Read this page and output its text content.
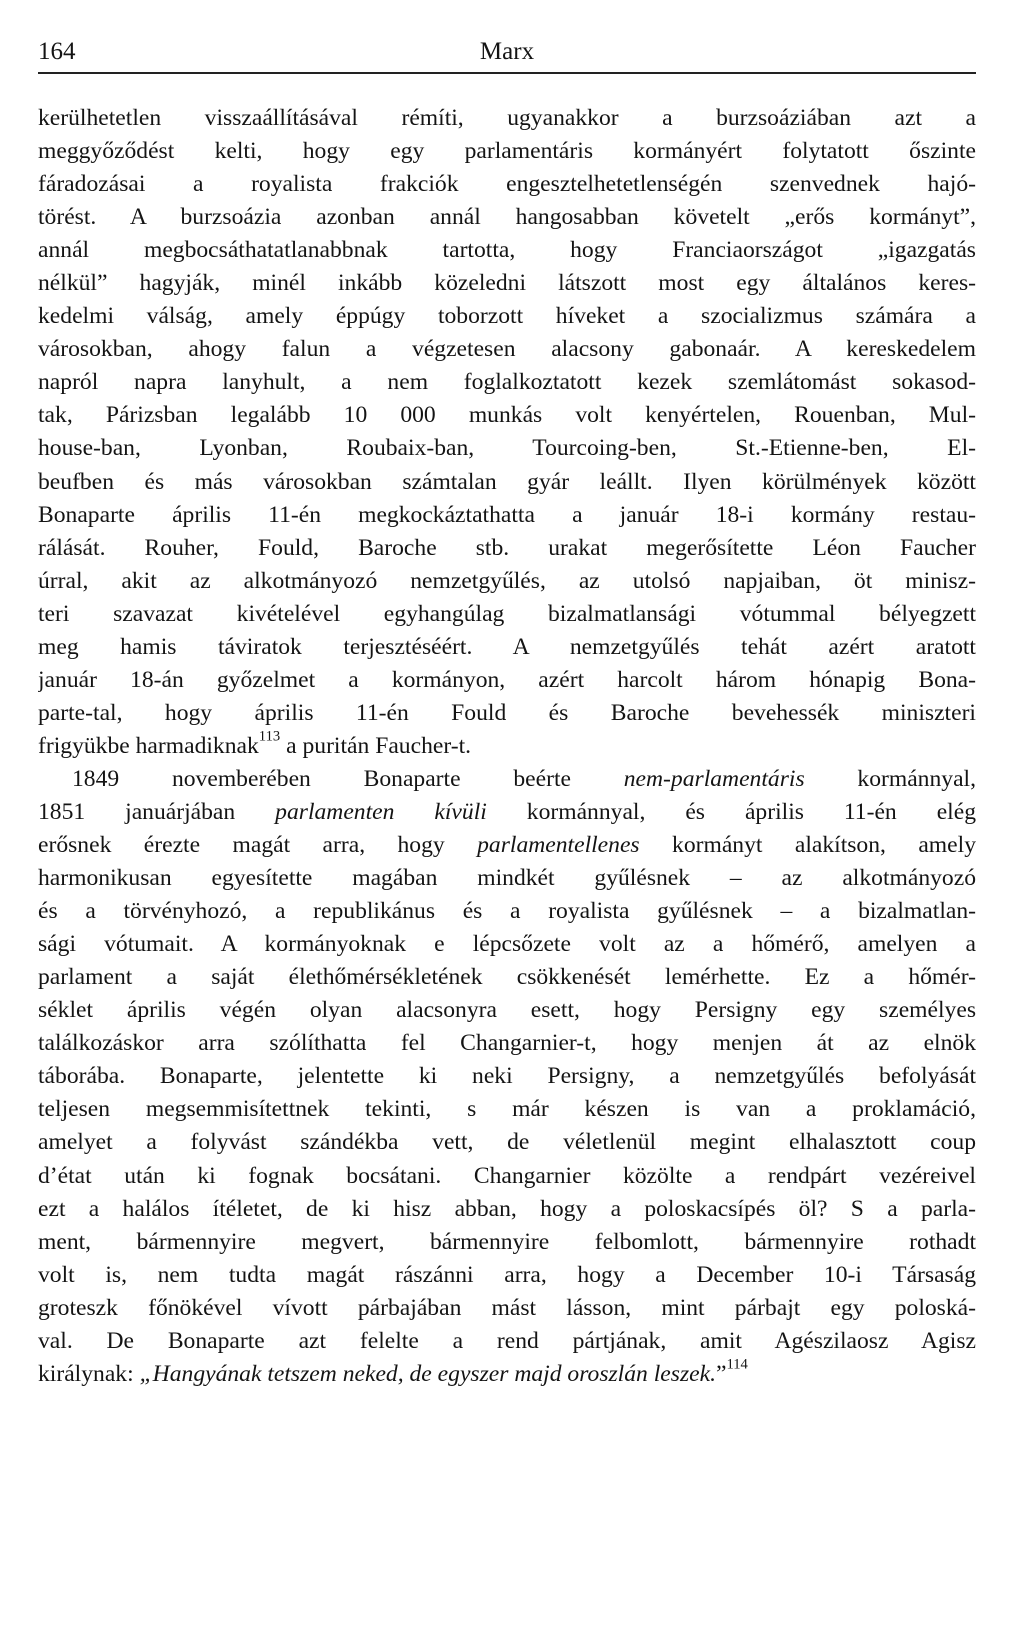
164	Marx
kerülhetetlen visszaállításával rémíti, ugyanakkor a burzsoáziában azt a
meggyőződést kelti, hogy egy parlamentáris kormányért folytatott őszinte
fáradozásai a royalista frakciók engesztelhetetlenségén szenvednek hajó-
törést. A burzsoázia azonban annál hangosabban követelt „erős kormányt”,
annál megbocsáthatatlanabbnak tartotta, hogy Franciaországot „igazgatás
nélkül” hagyják, minél inkább közeledni látszott most egy általános keres-
kedelmi válság, amely éppúgy toborzott híveket a szocializmus számára a
városokban, ahogy falun a végzetesen alacsony gabonaár. A kereskedelem
napról napra lanyhult, a nem foglalkoztatott kezek szemlátomást sokasod-
tak, Párizsban legalább 10 000 munkás volt kenyértelen, Rouenban, Mul-
house-ban, Lyonban, Roubaix-ban, Tourcoing-ben, St.-Etienne-ben, El-
beufben és más városokban számtalan gyár leállt. Ilyen körülmények között
Bonaparte április 11-én megkockáztathatta a január 18-i kormány restau-
rálását. Rouher, Fould, Baroche stb. urakat megerősítette Léon Faucher
úrral, akit az alkotmányozó nemzetgyűlés, az utolsó napjaiban, öt minisz-
teri szavazat kivételével egyhangúlag bizalmatlansági vótummal bélyegzett
meg hamis táviratok terjesztéséért. A nemzetgyűlés tehát azért aratott
január 18-án győzelmet a kormányon, azért harcolt három hónapig Bona-
parte-tal, hogy április 11-én Fould és Baroche bevehessék miniszteri
frigyükbe harmadiknak$^{113}$ a puritán Faucher-t.
1849 novemberében Bonaparte beérte nem-parlamentáris kormánnyal,
1851 januárjában parlamenten kívüli kormánnyal, és április 11-én elég
erősnek érezte magát arra, hogy parlamentellenes kormányt alakítson, amely
harmonikusan egyesítette magában mindkét gyűlésnek – az alkotmányozó
és a törvényhozó, a republikánus és a royalista gyűlésnek – a bizalmatlan-
sági vótumait. A kormányoknak e lépcsőzete volt az a hőmérő, amelyen a
parlament a saját élethőmérsékletének csökkenését lemérhette. Ez a hőmér-
séklet április végén olyan alacsonyra esett, hogy Persigny egy személyes
találkozáskor arra szólíthatta fel Changarnier-t, hogy menjen át az elnök
táborába. Bonaparte, jelentette ki neki Persigny, a nemzetgyűlés befolyását
teljesen megsemmisítettnek tekinti, s már készen is van a proklamáció,
amelyet a folyvást szándékba vett, de véletlenül megint elhalasztott coup
d’état után ki fognak bocsátani. Changarnier közölte a rendpárt vezéreivel
ezt a halálos ítéletet, de ki hisz abban, hogy a poloskacsípés öl? S a parla-
ment, bármennyire megvert, bármennyire felbomlott, bármennyire rothadt
volt is, nem tudta magát rászánni arra, hogy a December 10-i Társaság
groteszk főnökével vívott párbajában mást lásson, mint párbajt egy poloská-
val. De Bonaparte azt felelte a rend pártjának, amit Agészilaosz Agisz
királynak: „Hangyának tetszem neked, de egyszer majd oroszlán leszek.”$^{114}$
